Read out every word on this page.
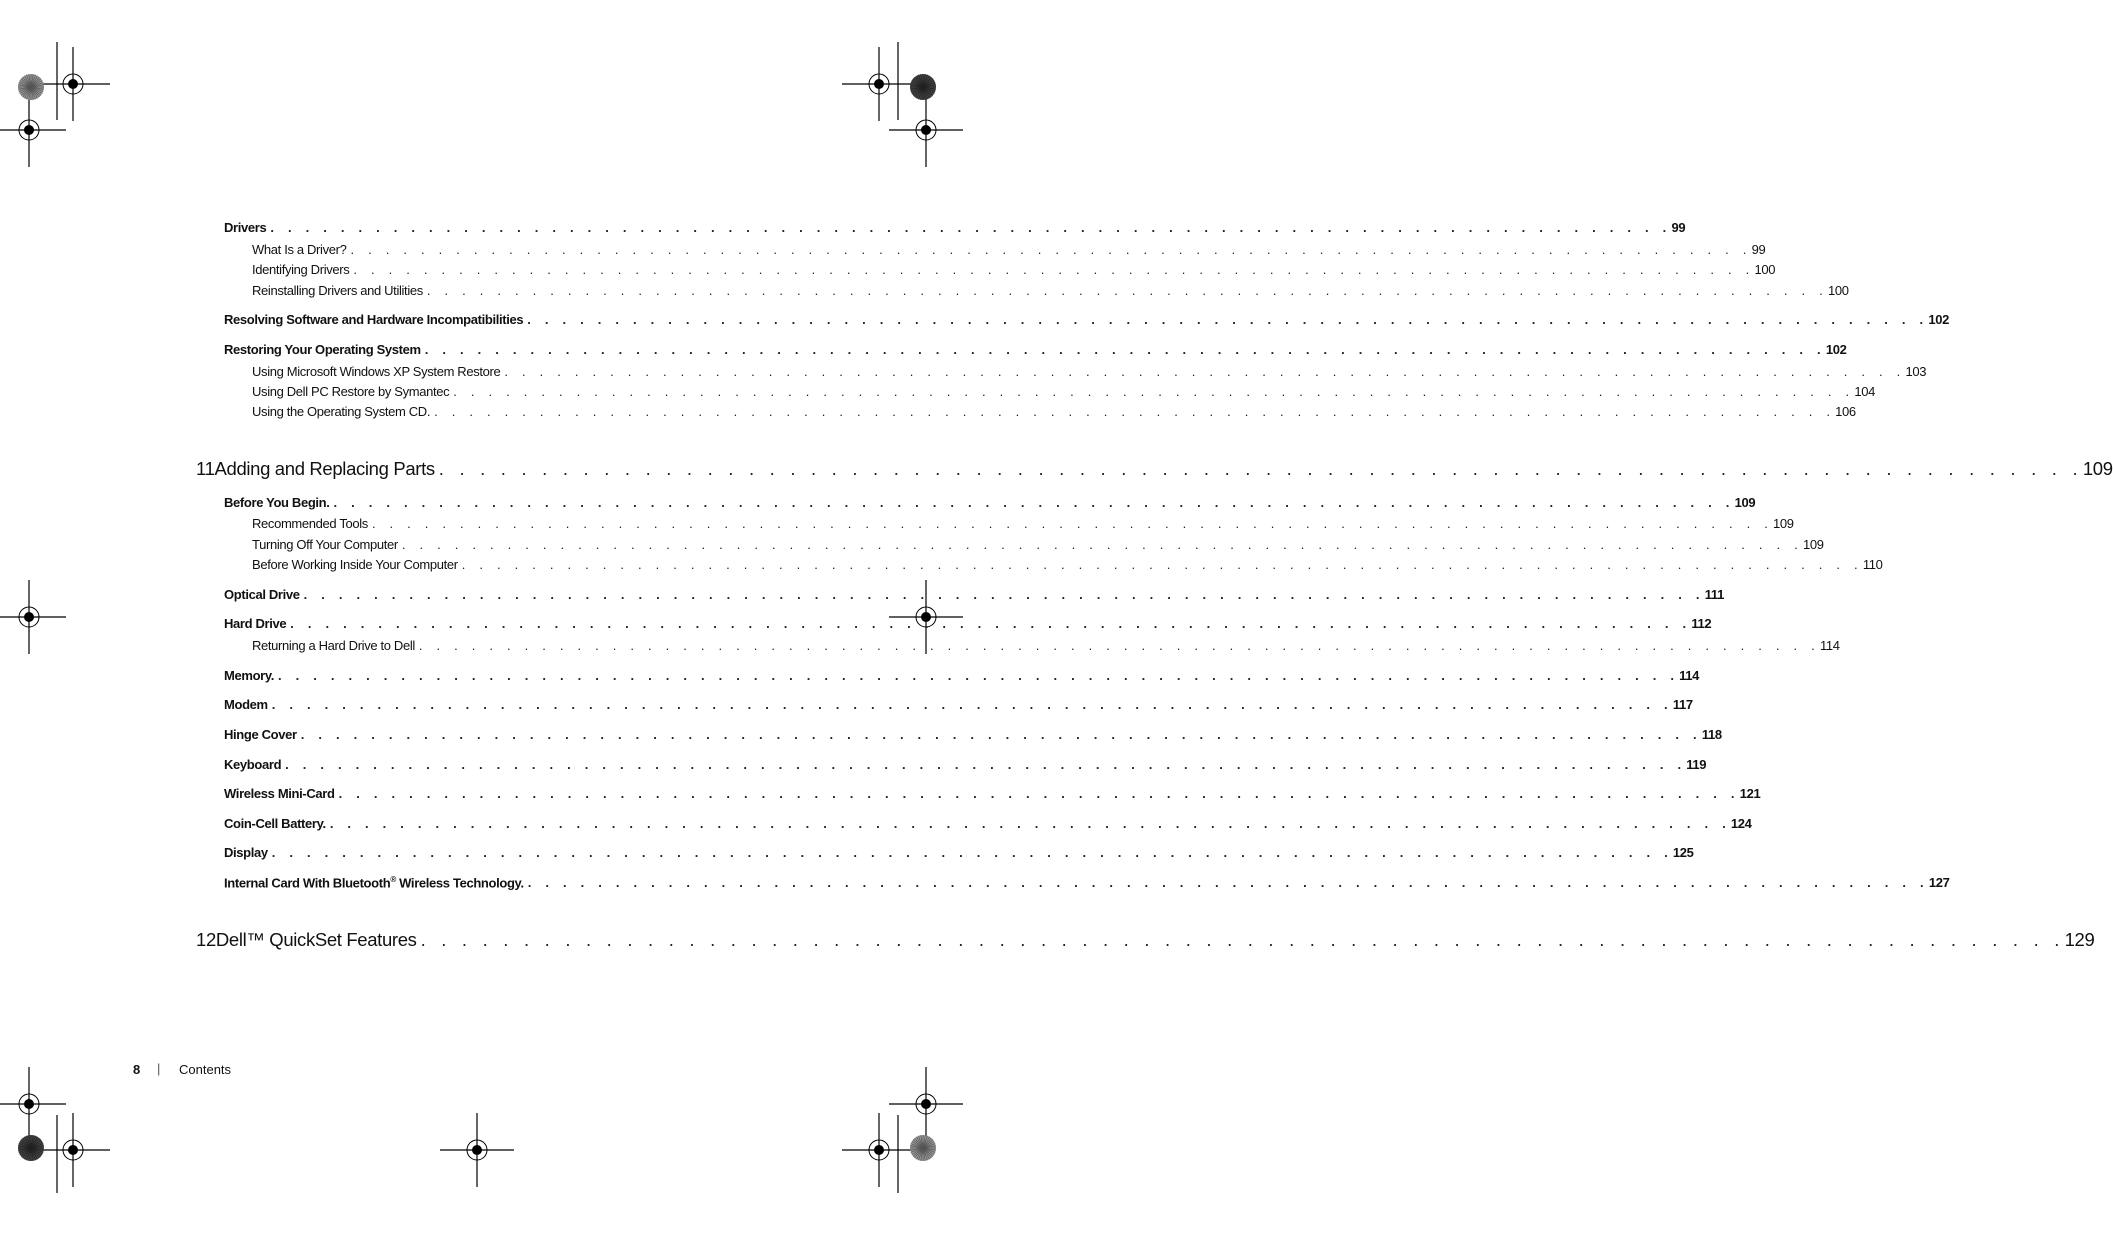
Drivers . . . . . . . . . . . . . . . . . . . . . . . . . . . . . . . . . . . . . . . . . . . . . . . . . . . . . . . . . . . . . . . . . . . . . . . . . . . . . . . . 99
What Is a Driver? . . . . . . . . . . . . . . . . . . . . . . . . . . . . . . . . . . . . . . . . . . . . . . . . . . . . . . . . . . . . . . . . . . . . . . . . . . . . . . . . 99
Identifying Drivers . . . . . . . . . . . . . . . . . . . . . . . . . . . . . . . . . . . . . . . . . . . . . . . . . . . . . . . . . . . . . . . . . . . . . . . . . . . . . . . . 100
Reinstalling Drivers and Utilities . . . . . . . . . . . . . . . . . . . . . . . . . . . . . . . . . . . . . . . . . . . . . . . . . . . . . . . . . . . . . . . . . . . . . . . . . . . . . . . . 100
Resolving Software and Hardware Incompatibilities . . . . . . . . . . . . . . . . . . . . . . . . . . . . . . . . . . . . . . . . . . . . . . . . . . . . . . . . . . . . . . . . . . . . . . . . . . . . . . . . 102
Restoring Your Operating System . . . . . . . . . . . . . . . . . . . . . . . . . . . . . . . . . . . . . . . . . . . . . . . . . . . . . . . . . . . . . . . . . . . . . . . . . . . . . . . . 102
Using Microsoft Windows XP System Restore . . . . . . . . . . . . . . . . . . . . . . . . . . . . . . . . . . . . . . . . . . . . . . . . . . . . . . . . . . . . . . . . . . . . . . . . . . . . . . . . 103
Using Dell PC Restore by Symantec . . . . . . . . . . . . . . . . . . . . . . . . . . . . . . . . . . . . . . . . . . . . . . . . . . . . . . . . . . . . . . . . . . . . . . . . . . . . . . . . 104
Using the Operating System CD. . . . . . . . . . . . . . . . . . . . . . . . . . . . . . . . . . . . . . . . . . . . . . . . . . . . . . . . . . . . . . . . . . . . . . . . . . . . . . . . . 106
11 Adding and Replacing Parts . . . . . . . . . . . . . . . . . . . . . . . . . . . . . . . . . . . . . . . . . . . . . . . . . . . . . . . . . . . . . . . . . . . . . . . . . . . . . . . . 109
Before You Begin. . . . . . . . . . . . . . . . . . . . . . . . . . . . . . . . . . . . . . . . . . . . . . . . . . . . . . . . . . . . . . . . . . . . . . . . . . . . . . . . . 109
Recommended Tools . . . . . . . . . . . . . . . . . . . . . . . . . . . . . . . . . . . . . . . . . . . . . . . . . . . . . . . . . . . . . . . . . . . . . . . . . . . . . . . . 109
Turning Off Your Computer . . . . . . . . . . . . . . . . . . . . . . . . . . . . . . . . . . . . . . . . . . . . . . . . . . . . . . . . . . . . . . . . . . . . . . . . . . . . . . . . 109
Before Working Inside Your Computer . . . . . . . . . . . . . . . . . . . . . . . . . . . . . . . . . . . . . . . . . . . . . . . . . . . . . . . . . . . . . . . . . . . . . . . . . . . . . . . . 110
Optical Drive . . . . . . . . . . . . . . . . . . . . . . . . . . . . . . . . . . . . . . . . . . . . . . . . . . . . . . . . . . . . . . . . . . . . . . . . . . . . . . . . 111
Hard Drive . . . . . . . . . . . . . . . . . . . . . . . . . . . . . . . . . . . . . . . . . . . . . . . . . . . . . . . . . . . . . . . . . . . . . . . . . . . . . . . . 112
Returning a Hard Drive to Dell . . . . . . . . . . . . . . . . . . . . . . . . . . . . . . . . . . . . . . . . . . . . . . . . . . . . . . . . . . . . . . . . . . . . . . . . . . . . . . . . 114
Memory. . . . . . . . . . . . . . . . . . . . . . . . . . . . . . . . . . . . . . . . . . . . . . . . . . . . . . . . . . . . . . . . . . . . . . . . . . . . . . . . . 114
Modem . . . . . . . . . . . . . . . . . . . . . . . . . . . . . . . . . . . . . . . . . . . . . . . . . . . . . . . . . . . . . . . . . . . . . . . . . . . . . . . . 117
Hinge Cover . . . . . . . . . . . . . . . . . . . . . . . . . . . . . . . . . . . . . . . . . . . . . . . . . . . . . . . . . . . . . . . . . . . . . . . . . . . . . . . . 118
Keyboard . . . . . . . . . . . . . . . . . . . . . . . . . . . . . . . . . . . . . . . . . . . . . . . . . . . . . . . . . . . . . . . . . . . . . . . . . . . . . . . . 119
Wireless Mini-Card . . . . . . . . . . . . . . . . . . . . . . . . . . . . . . . . . . . . . . . . . . . . . . . . . . . . . . . . . . . . . . . . . . . . . . . . . . . . . . . . 121
Coin-Cell Battery. . . . . . . . . . . . . . . . . . . . . . . . . . . . . . . . . . . . . . . . . . . . . . . . . . . . . . . . . . . . . . . . . . . . . . . . . . . . . . . . . 124
Display . . . . . . . . . . . . . . . . . . . . . . . . . . . . . . . . . . . . . . . . . . . . . . . . . . . . . . . . . . . . . . . . . . . . . . . . . . . . . . . . 125
Internal Card With Bluetooth® Wireless Technology. . . . . . . . . . . . . . . . . . . . . . . . . . . . . . . . . . . . . . . . . . . . . . . . . . . . . . . . . . . . . . . . . . . . . . . . . . . . . . . . . 127
12 Dell™ QuickSet Features . . . . . . . . . . . . . . . . . . . . . . . . . . . . . . . . . . . . . . . . . . . . . . . . . . . . . . . . . . . . . . . . . . . . . . . . . . . . . . . . 129
8 | Contents
